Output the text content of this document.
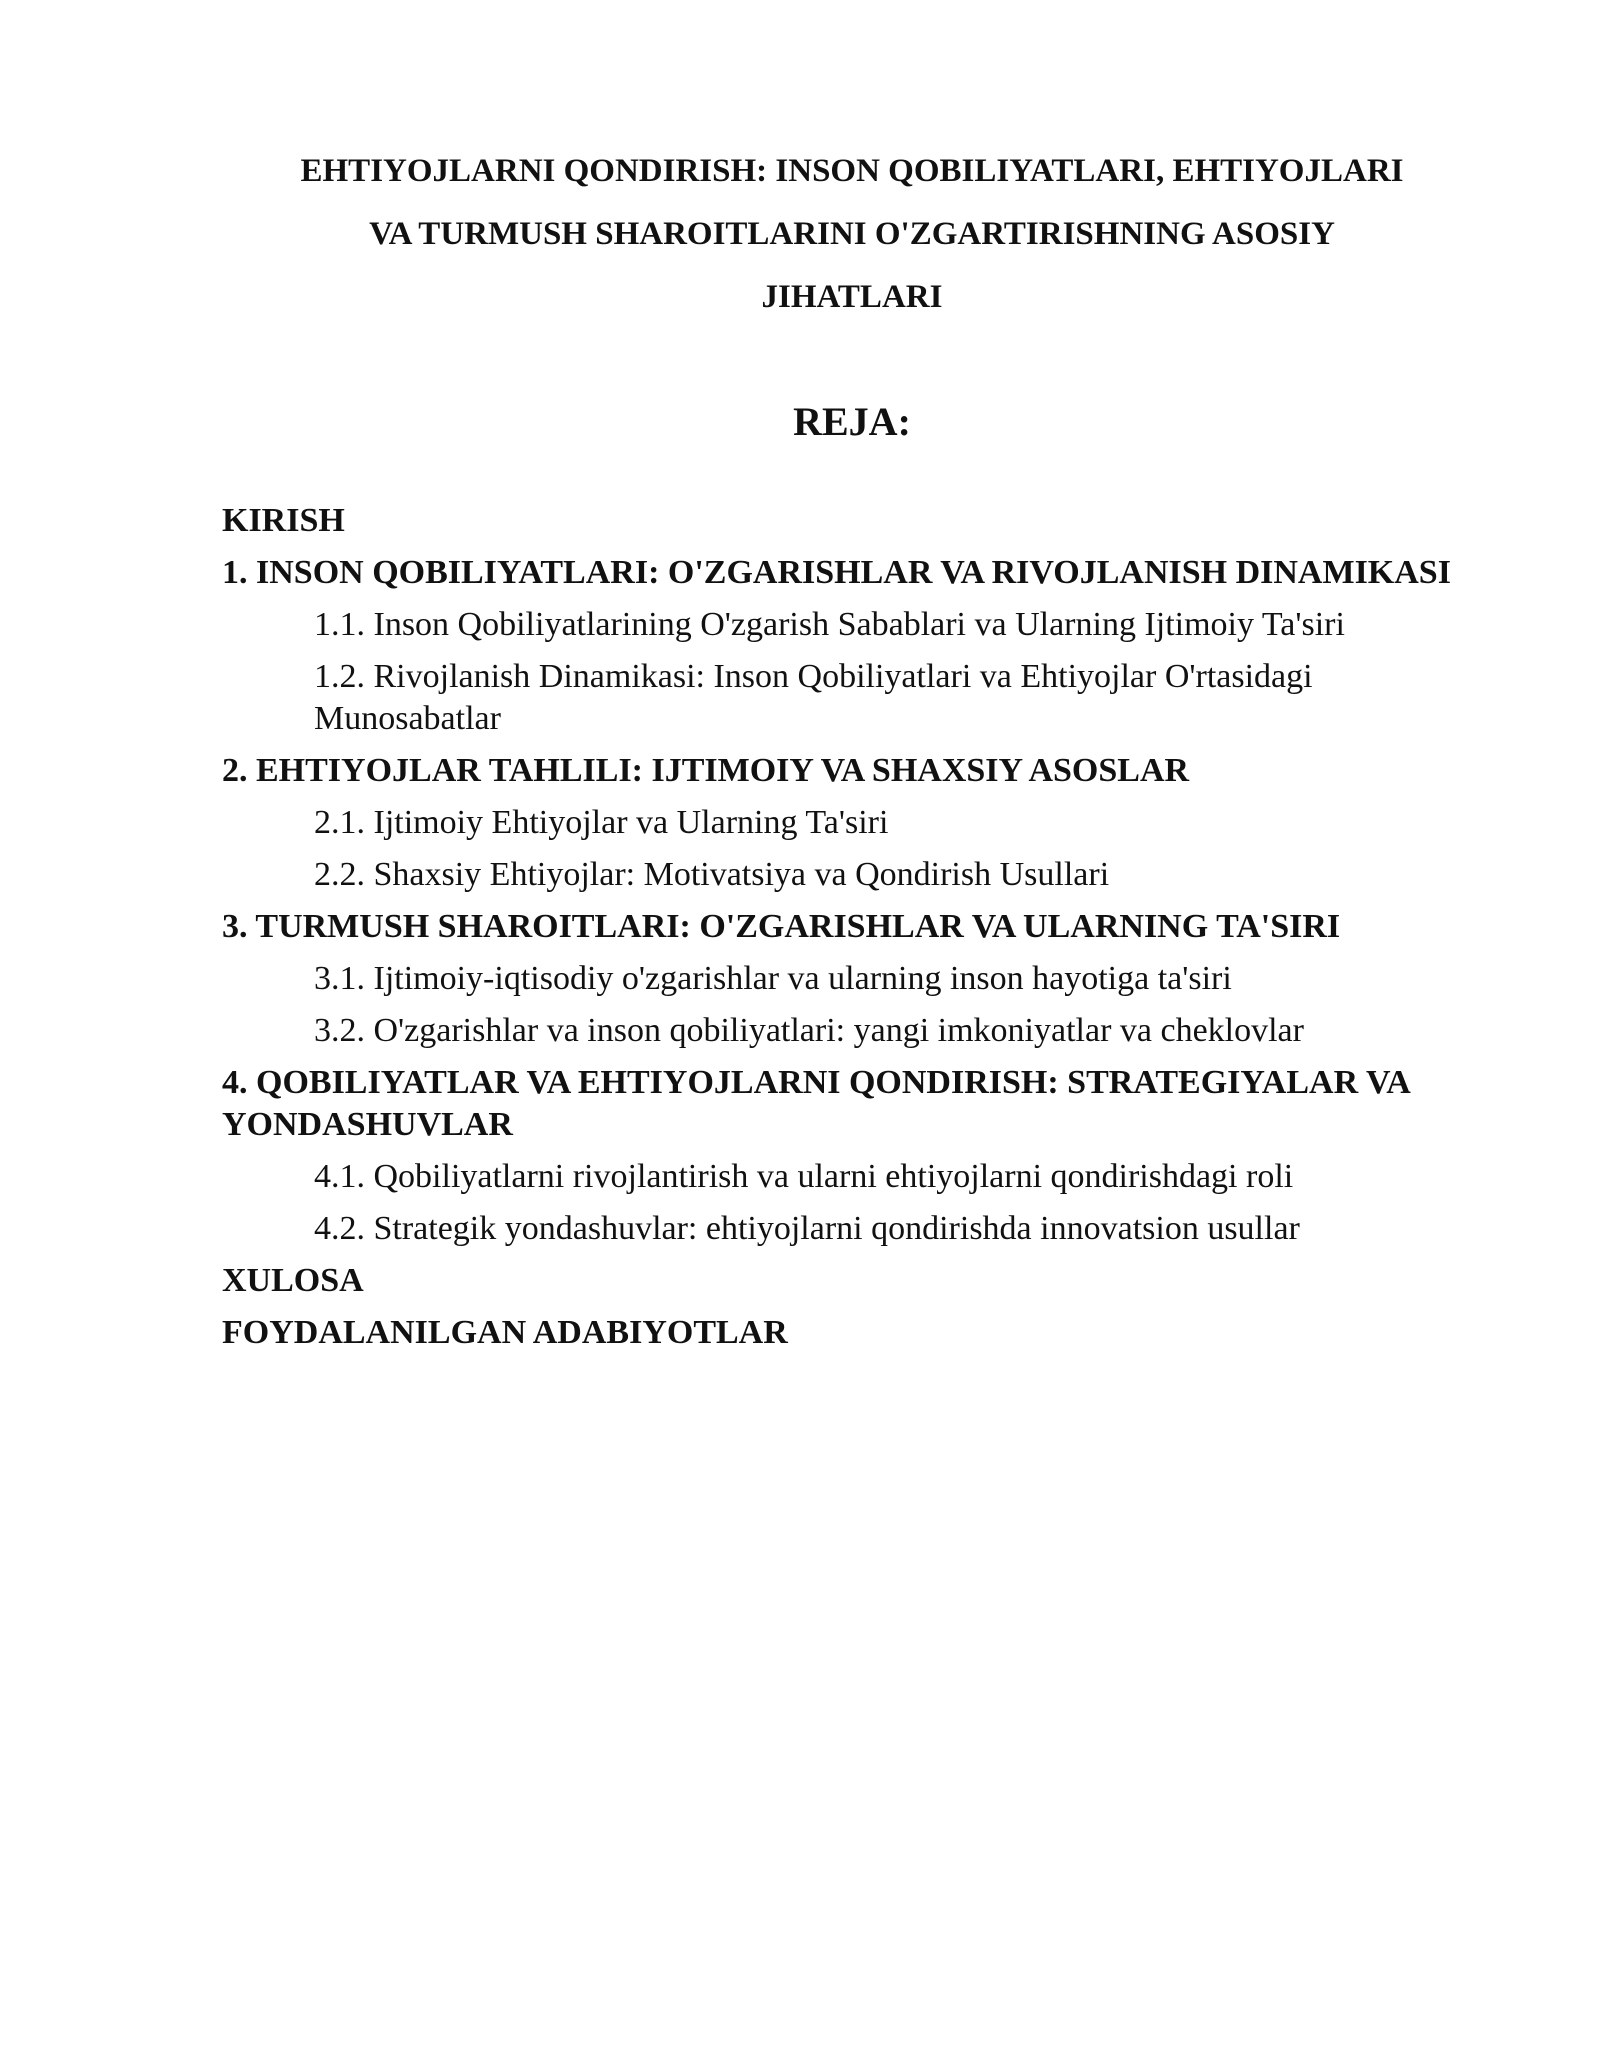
EHTIYOJLARNI QONDIRISH: INSON QOBILIYATLARI, EHTIYOJLARI
VA TURMUSH SHAROITLARINI O'ZGARTIRISHNING ASOSIY
JIHATLARI
REJA:
KIRISH
1. INSON QOBILIYATLARI: O'ZGARISHLAR VA RIVOJLANISH DINAMIKASI
1.1. Inson Qobiliyatlarining O'zgarish Sabablari va Ularning Ijtimoiy Ta'siri
1.2. Rivojlanish Dinamikasi: Inson Qobiliyatlari va Ehtiyojlar O'rtasidagi Munosabatlar
2. EHTIYOJLAR TAHLILI: IJTIMOIY VA SHAXSIY ASOSLAR
2.1. Ijtimoiy Ehtiyojlar va Ularning Ta'siri
2.2. Shaxsiy Ehtiyojlar: Motivatsiya va Qondirish Usullari
3. TURMUSH SHAROITLARI: O'ZGARISHLAR VA ULARNING TA'SIRI
3.1. Ijtimoiy-iqtisodiy o'zgarishlar va ularning inson hayotiga ta'siri
3.2. O'zgarishlar va inson qobiliyatlari: yangi imkoniyatlar va cheklovlar
4. QOBILIYATLAR VA EHTIYOJLARNI QONDIRISH: STRATEGIYALAR VA YONDASHUVLAR
4.1. Qobiliyatlarni rivojlantirish va ularni ehtiyojlarni qondirishdagi roli
4.2. Strategik yondashuvlar: ehtiyojlarni qondirishda innovatsion usullar
XULOSA
FOYDALANILGAN ADABIYOTLAR
